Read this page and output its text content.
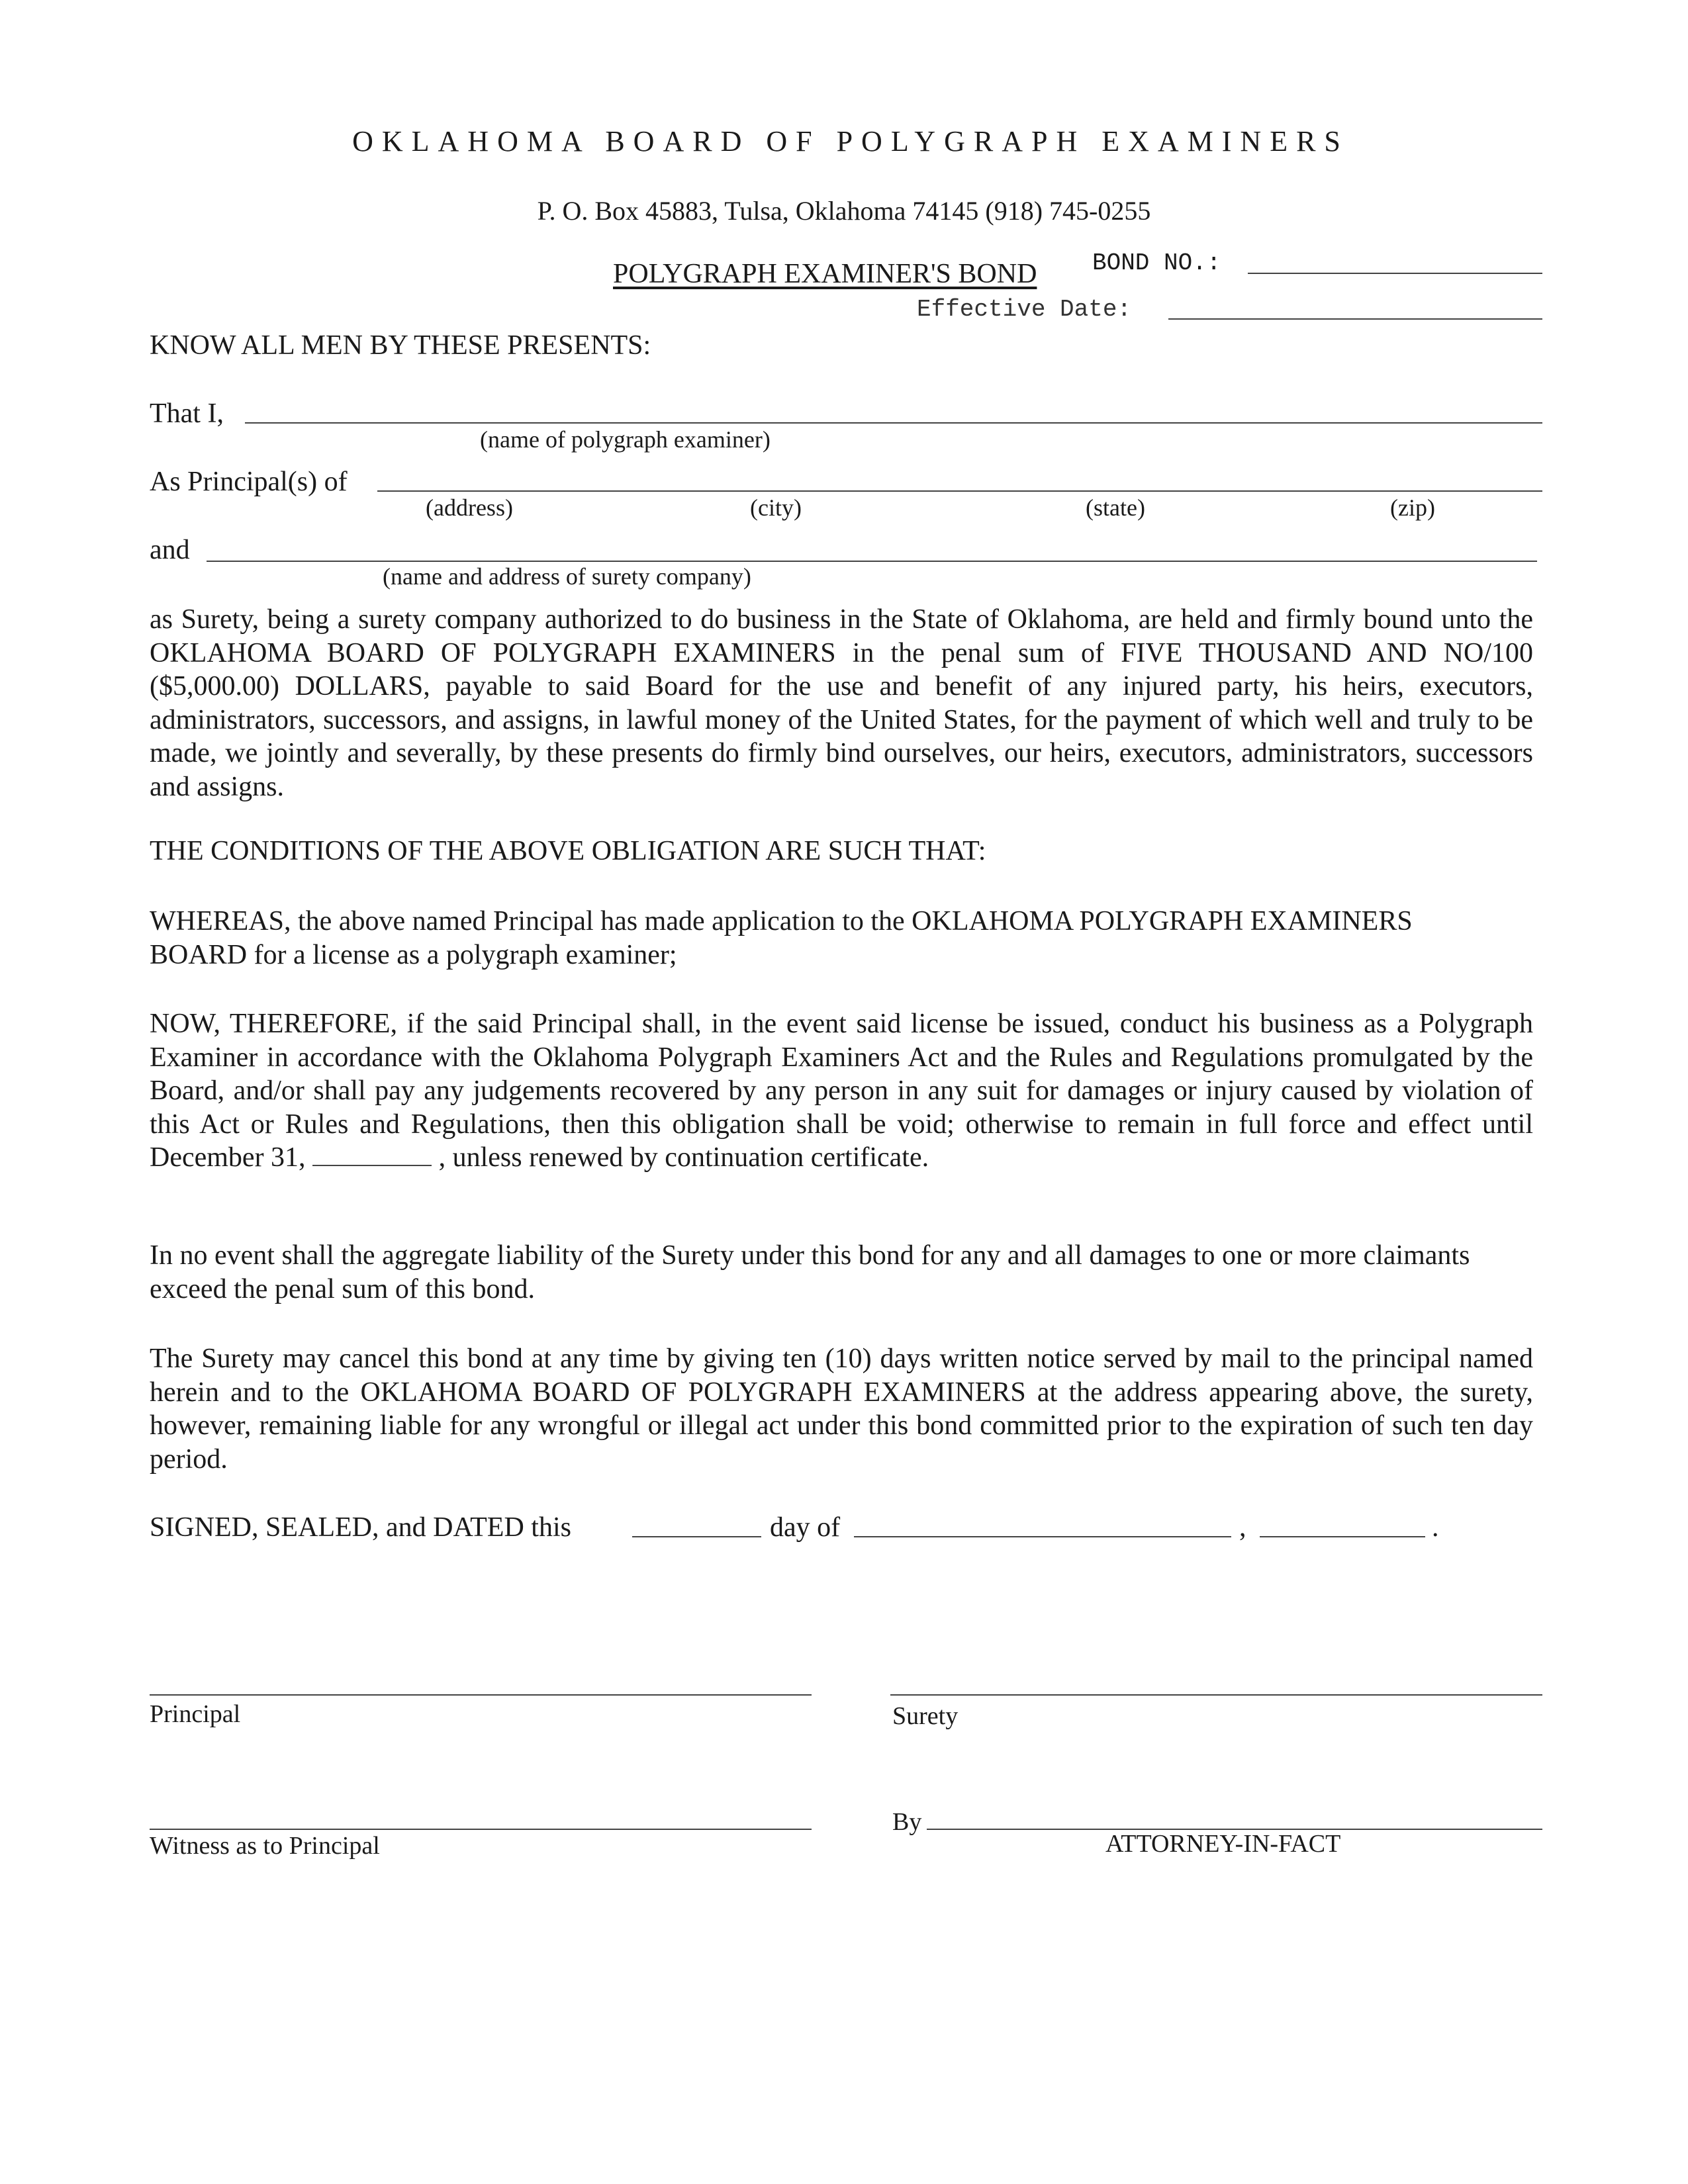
OKLAHOMA BOARD OF POLYGRAPH EXAMINERS
P. O. Box 45883, Tulsa, Oklahoma 74145 (918) 745-0255
POLYGRAPH EXAMINER'S BOND BOND NO.:
Effective Date:
KNOW ALL MEN BY THESE PRESENTS:
That I,
(name of polygraph examiner)
As Principal(s) of
(address)	(city)	(state)	(zip)
and
(name and address of surety company)
as Surety, being a surety company authorized to do business in the State of Oklahoma, are held and firmly bound unto the OKLAHOMA BOARD OF POLYGRAPH EXAMINERS in the penal sum of FIVE THOUSAND AND NO/100 ($5,000.00) DOLLARS, payable to said Board for the use and benefit of any injured party, his heirs, executors, administrators, successors, and assigns, in lawful money of the United States, for the payment of which well and truly to be made, we jointly and severally, by these presents do firmly bind ourselves, our heirs, executors, administrators, successors and assigns.
THE CONDITIONS OF THE ABOVE OBLIGATION ARE SUCH THAT:
WHEREAS, the above named Principal has made application to the OKLAHOMA POLYGRAPH EXAMINERS BOARD for a license as a polygraph examiner;
NOW, THEREFORE, if the said Principal shall, in the event said license be issued, conduct his business as a Polygraph Examiner in accordance with the Oklahoma Polygraph Examiners Act and the Rules and Regulations promulgated by the Board, and/or shall pay any judgements recovered by any person in any suit for damages or injury caused by violation of this Act or Rules and Regulations, then this obligation shall be void; otherwise to remain in full force and effect until December 31,	, unless renewed by continuation certificate.
In no event shall the aggregate liability of the Surety under this bond for any and all damages to one or more claimants exceed the penal sum of this bond.
The Surety may cancel this bond at any time by giving ten (10) days written notice served by mail to the principal named herein and to the OKLAHOMA BOARD OF POLYGRAPH EXAMINERS at the address appearing above, the surety, however, remaining liable for any wrongful or illegal act under this bond committed prior to the expiration of such ten day period.
SIGNED, SEALED, and DATED this	day of	,	.
Principal	Surety
Witness as to Principal
By
ATTORNEY-IN-FACT
